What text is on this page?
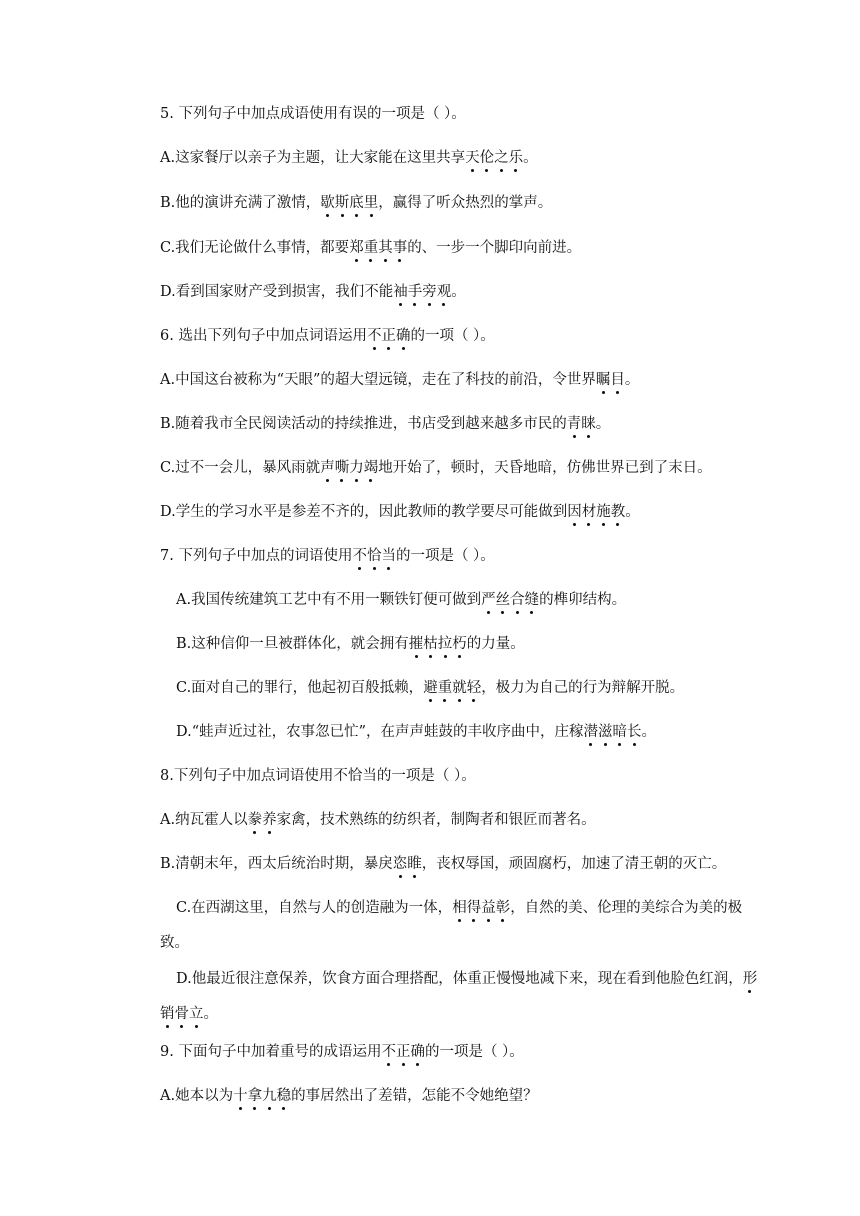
5. 下列句子中加点成语使用有误的一项是（ ）。
A.这家餐厅以亲子为主题，让大家能在这里共享天伦之乐。
B.他的演讲充满了激情，歇斯底里，赢得了听众热烈的掌声。
C.我们无论做什么事情，都要郑重其事的、一步一个脚印向前进。
D.看到国家财产受到损害，我们不能袖手旁观。
6. 选出下列句子中加点词语运用不正确的一项（ ）。
A.中国这台被称为“天眼”的超大望远镜，走在了科技的前沿，令世界瞩目。
B.随着我市全民阅读活动的持续推进，书店受到越来越多市民的青睐。
C.过不一会儿，暴风雨就声嘶力竭地开始了，顿时，天昏地暗，仿佛世界已到了末日。
D.学生的学习水平是参差不齐的，因此教师的教学要尽可能做到因材施教。
7. 下列句子中加点的词语使用不恰当的一项是（ ）。
A.我国传统建筑工艺中有不用一颗铁钉便可做到严丝合缝的榫卯结构。
B.这种信仰一旦被群体化，就会拥有摧枯拉朽的力量。
C.面对自己的罪行，他起初百般抵赖，避重就轻，极力为自己的行为辩解开脱。
D.“蛙声近过社，农事忽已忙”，在声声蛙鼓的丰收序曲中，庄稼潜滋暗长。
8.下列句子中加点词语使用不恰当的一项是（ ）。
A.纳瓦霍人以豢养家禽，技术熟练的纺织者，制陶者和银匠而著名。
B.清朝末年，西太后统治时期，暴戾恣睢，丧权辱国，顽固腐朽，加速了清王朝的灭亡。
C.在西湖这里，自然与人的创造融为一体，相得益彰，自然的美、伦理的美综合为美的极致。
D.他最近很注意保养，饮食方面合理搭配，体重正慢慢地减下来，现在看到他脸色红润，形销骨立。
9. 下面句子中加着重号的成语运用不正确的一项是（ ）。
A.她本以为十拿九稳的事居然出了差错，怎能不令她绝望？
